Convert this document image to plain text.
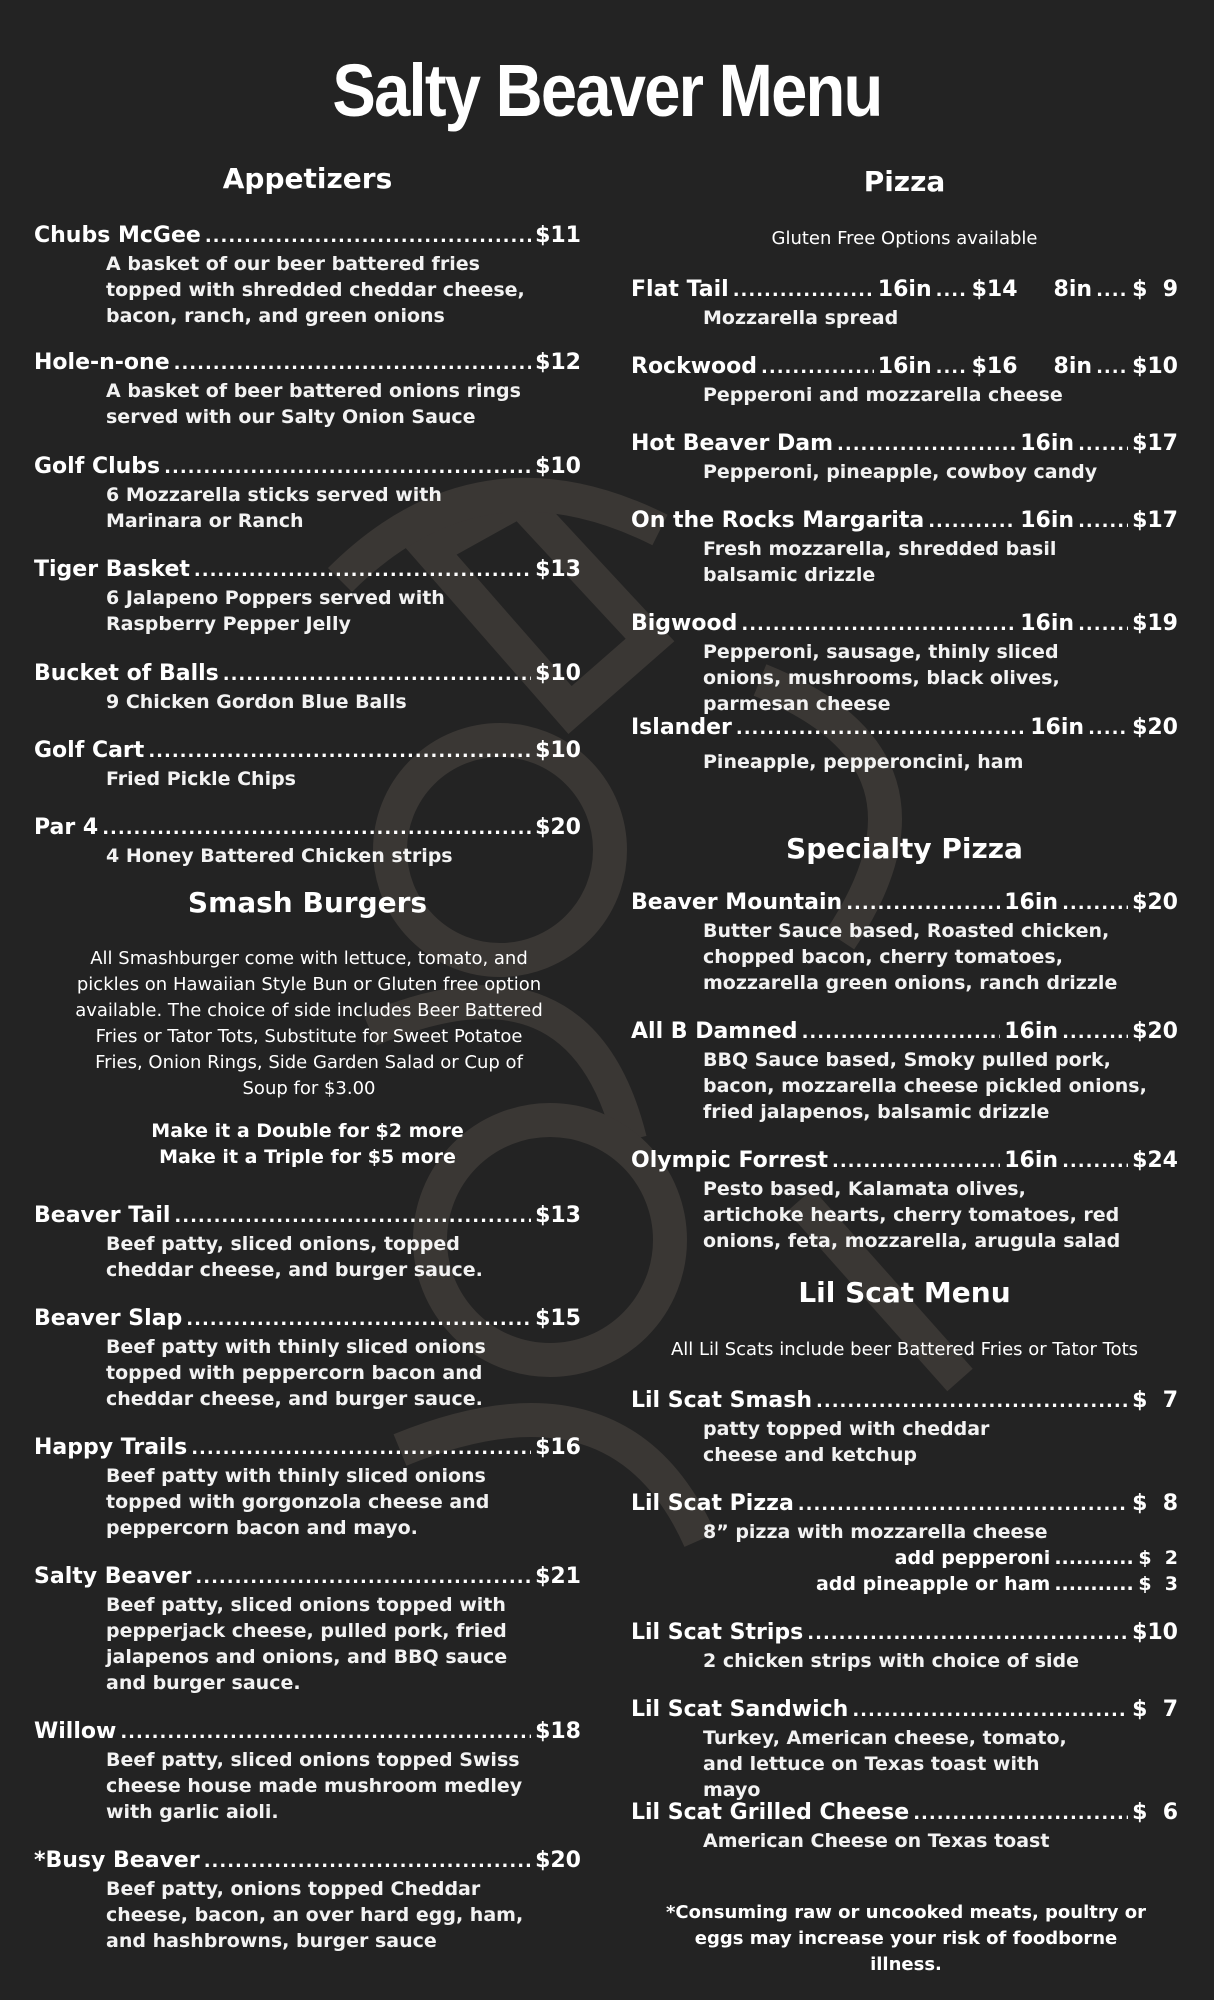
Salty Beaver Menu
Appetizers
Chubs McGee .....	$11
A basket of our beer battered fries topped with shredded cheddar cheese, bacon, ranch, and green onions
Hole-n-one .....	$12
A basket of beer battered onions rings served with our Salty Onion Sauce
Golf Clubs .....	$10
6 Mozzarella sticks served with Marinara or Ranch
Tiger Basket .....	$13
6 Jalapeno Poppers served with Raspberry Pepper Jelly
Bucket of Balls .....	$10
9 Chicken Gordon Blue Balls
Golf Cart .....	$10
Fried Pickle Chips
Par 4 .....	$20
4 Honey Battered Chicken strips
Smash Burgers
All Smashburger come with lettuce, tomato, and pickles on Hawaiian Style Bun or Gluten free option available. The choice of side includes Beer Battered Fries or Tator Tots, Substitute for Sweet Potatoe Fries, Onion Rings, Side Garden Salad or Cup of Soup for $3.00
Make it a Double for $2 more
Make it a Triple for $5 more
Beaver Tail .....	$13
Beef patty, sliced onions, topped cheddar cheese, and burger sauce.
Beaver Slap .....	$15
Beef patty with thinly sliced onions topped with peppercorn bacon and cheddar cheese, and burger sauce.
Happy Trails .....	$16
Beef patty with thinly sliced onions topped with gorgonzola cheese and peppercorn bacon and mayo.
Salty Beaver .....	$21
Beef patty, sliced onions topped with pepperjack cheese, pulled pork, fried jalapenos and onions, and BBQ sauce and burger sauce.
Willow .....	$18
Beef patty, sliced onions topped Swiss cheese house made mushroom medley with garlic aioli.
*Busy Beaver .....	$20
Beef patty, onions topped Cheddar cheese, bacon, an over hard egg, ham, and hashbrowns, burger sauce
Pizza
Gluten Free Options available
Flat Tail .....	16in ..... $14 8in ..... $  9
Mozzarella spread
Rockwood .....	16in ..... $16 8in ..... $10
Pepperoni and mozzarella cheese
Hot Beaver Dam .....	16in .....	$17
Pepperoni, pineapple, cowboy candy
On the Rocks Margarita .....	16in .....	$17
Fresh mozzarella, shredded basil balsamic drizzle
Bigwood .....	16in .....	$19
Pepperoni, sausage, thinly sliced onions, mushrooms, black olives, parmesan cheese
Islander .....	16in ..... $20
Pineapple, pepperoncini, ham
Specialty Pizza
Beaver Mountain .....	16in .....	$20
Butter Sauce based, Roasted chicken, chopped bacon, cherry tomatoes, mozzarella green onions, ranch drizzle
All B Damned .....	16in .....	$20
BBQ Sauce based, Smoky pulled pork, bacon, mozzarella cheese pickled onions, fried jalapenos, balsamic drizzle
Olympic Forrest .....	16in .....	$24
Pesto based, Kalamata olives, artichoke hearts, cherry tomatoes, red onions, feta, mozzarella, arugula salad
Lil Scat Menu
All Lil Scats include beer Battered Fries or Tator Tots
Lil Scat Smash .....	$  7
patty topped with cheddar cheese and ketchup
Lil Scat Pizza .....	$  8
8” pizza with mozzarella cheese
add pepperoni .....	$  2
add pineapple or ham .....	$  3
Lil Scat Strips .....	$10
2 chicken strips with choice of side
Lil Scat Sandwich .....	$  7
Turkey, American cheese, tomato, and lettuce on Texas toast with mayo
Lil Scat Grilled Cheese .....	$  6
American Cheese on Texas toast
*Consuming raw or uncooked meats, poultry or eggs may increase your risk of foodborne illness.
